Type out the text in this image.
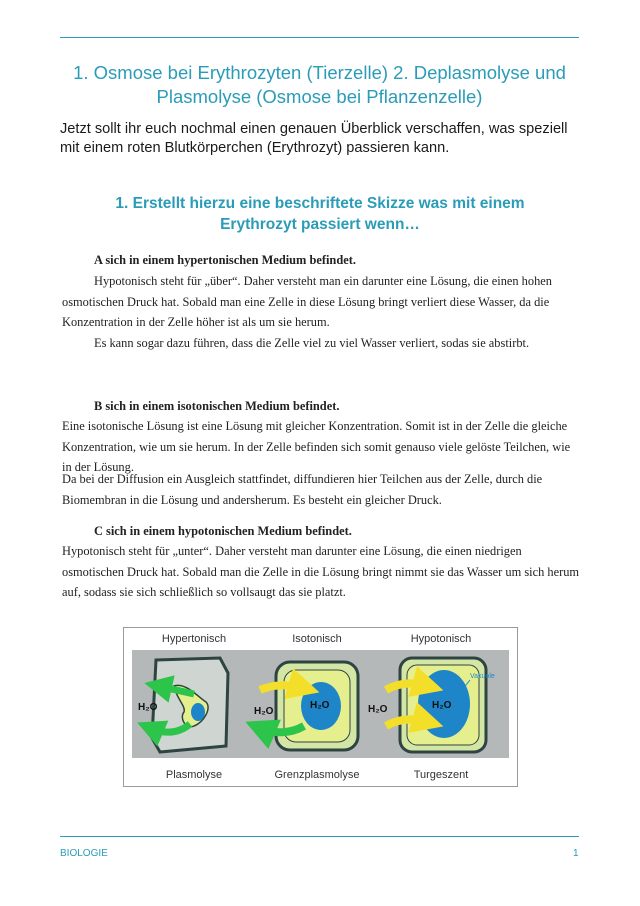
1. Osmose bei Erythrozyten (Tierzelle) 2. Deplasmolyse und Plasmolyse (Osmose bei Pflanzenzelle)

Jetzt sollt ihr euch nochmal einen genauen Überblick verschaffen, was speziell mit einem roten Blutkörperchen (Erythrozyt) passieren kann.

1. Erstellt hierzu eine beschriftete Skizze was mit einem Erythrozyt passiert wenn…

A sich in einem hypertonischen Medium befindet.

Hypotonisch steht für „über“. Daher versteht man ein darunter eine Lösung, die einen hohen osmotischen Druck hat. Sobald man eine Zelle in diese Lösung bringt verliert diese Wasser, da die Konzentration in der Zelle höher ist als um sie herum.

Es kann sogar dazu führen, dass die Zelle viel zu viel Wasser verliert, sodas sie abstirbt.

B sich in einem isotonischen Medium befindet.

Eine isotonische Lösung ist eine Lösung mit gleicher Konzentration. Somit ist in der Zelle die gleiche Konzentration, wie um sie herum. In der Zelle befinden sich somit genauso viele gelöste Teilchen, wie in der Lösung.

Da bei der Diffusion ein Ausgleich stattfindet, diffundieren hier Teilchen aus der Zelle, durch die Biomembran in die Lösung und andersherum. Es besteht ein gleicher Druck.

C sich in einem hypotonischen Medium befindet.

Hypotonisch steht für „unter“. Daher versteht man darunter eine Lösung, die einen niedrigen osmotischen Druck hat. Sobald man die Zelle in die Lösung bringt nimmt sie das Wasser um sich herum auf, sodass sie sich schließlich so vollsaugt das sie platzt.

Hypertonisch
H₂O
Plasmolyse
Isotonisch
H₂O
H₂O
Grenzplasmolyse
Hypotonisch
H₂O	H₂O
Vakuole
Turgeszent
BIOLOGIE	1
